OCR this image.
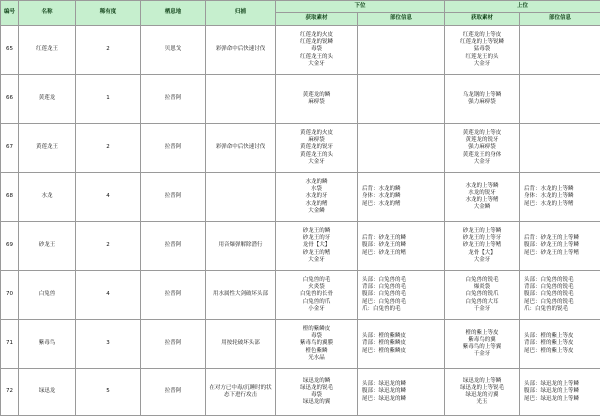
编号	名称	稀有度	栖息地	归捕	下位		上位	
					获取素材	部位信息	获取素材	部位信息
65	红莲龙王	2	贝恩戈	彩弹命中后快速讨伐	红莲龙的火皮
红莲龙的锐鳞
毒袋
红莲龙王的头
大金牙		红莲龙的上等皮
红莲龙的上等锐鳞
猛毒袋
红莲龙王的头
大金牙	

66	黄莲龙	1	拉普阿		黄莲龙的鳞
麻痹袋		乌龙钢的上等鳞
强力麻痹袋	

67	黄莲龙王	2	拉普阿	彩弹命中后快速讨伐	黄莲龙的火皮
麻痹袋
黄莲龙的锐牙
黄莲龙王的头
大金牙		黄莲龙的上等皮
黄莲龙的锐牙
强力麻痹袋
黄莲龙王的身体
大金牙	

68	水龙	4	拉普阿		水龙的鳞
水袋
水龙的牙
水龙的鳍
大金鳞	后背：水龙的鳞
身体：水龙的鳞
尾巴：水龙的鳍	水龙的上等鳞
水龙的锐牙
水龙的上等鳍
大金鳞	后背：水龙的上等鳞
身体：水龙的上等鳞
尾巴：水龙的上等鳍

69	砂龙王	2	拉普阿	用音爆弹解除潜行	砂龙王的鳞
砂龙王的牙
龙骨【大】
砂龙王的鳍
大金牙	后背：砂龙王的鳞
腹部：砂龙王的鳞
尾巴：砂龙王的鳍	砂龙王的上等鳞
砂龙王的上等牙
砂龙王的上等鳍
龙骨【大】
大金牙	后背：砂龙王的上等鳞
腹部：砂龙王的上等鳞
尾巴：砂龙王的上等鳍

70	白兔兽	4	拉普阿	用水属性大剑破坏头部	白兔兽的毛
火炎袋
白兔兽的长骨
白兔兽的爪
小金牙	头部：白兔兽的毛
背部：白兔兽的毛
腹部：白兔兽的毛
尾巴：白兔兽的毛
爪：白兔兽的毛	白兔兽的锐毛
爆炎袋
白兔兽的锐爪
白兔兽的大耳
千金牙	头部：白兔兽的锐毛
背部：白兔兽的锐毛
腹部：白兔兽的锐毛
尾巴：白兔兽的锐毛
爪：白兔兽的锐毛

71	紫毒鸟	3	拉普阿	用按轮破坏头部	橙的紫鳞皮
毒袋
紫毒鸟的翼膜
橙色紫鳞
光水晶	头部：橙的紫鳞皮
背部：橙的紫鳞皮
尾巴：橙的紫鳞皮	橙的紫上等皮
紫毒鸟的翼
紫毒鸟的上等翼
千金牙	头部：橙的紫上等皮
背部：橙的紫上等皮
尾巴：橙的紫上等皮

72	绿迅龙	5	拉普阿	在对方已中毒/沉睡时的状态下进行攻击	绿迅龙的鳞
绿迅龙的锐毛
毒袋
绿迅龙的翼	头部：绿迅龙的鳞
腹部：绿迅龙的鳞
尾巴：绿迅龙的鳞	绿迅龙的上等鳞
绿迅龙的上等锐毛
绿迅龙的刃翼
光玉	头部：绿迅龙的上等鳞
腹部：绿迅龙的上等鳞
尾巴：绿迅龙的上等鳞
